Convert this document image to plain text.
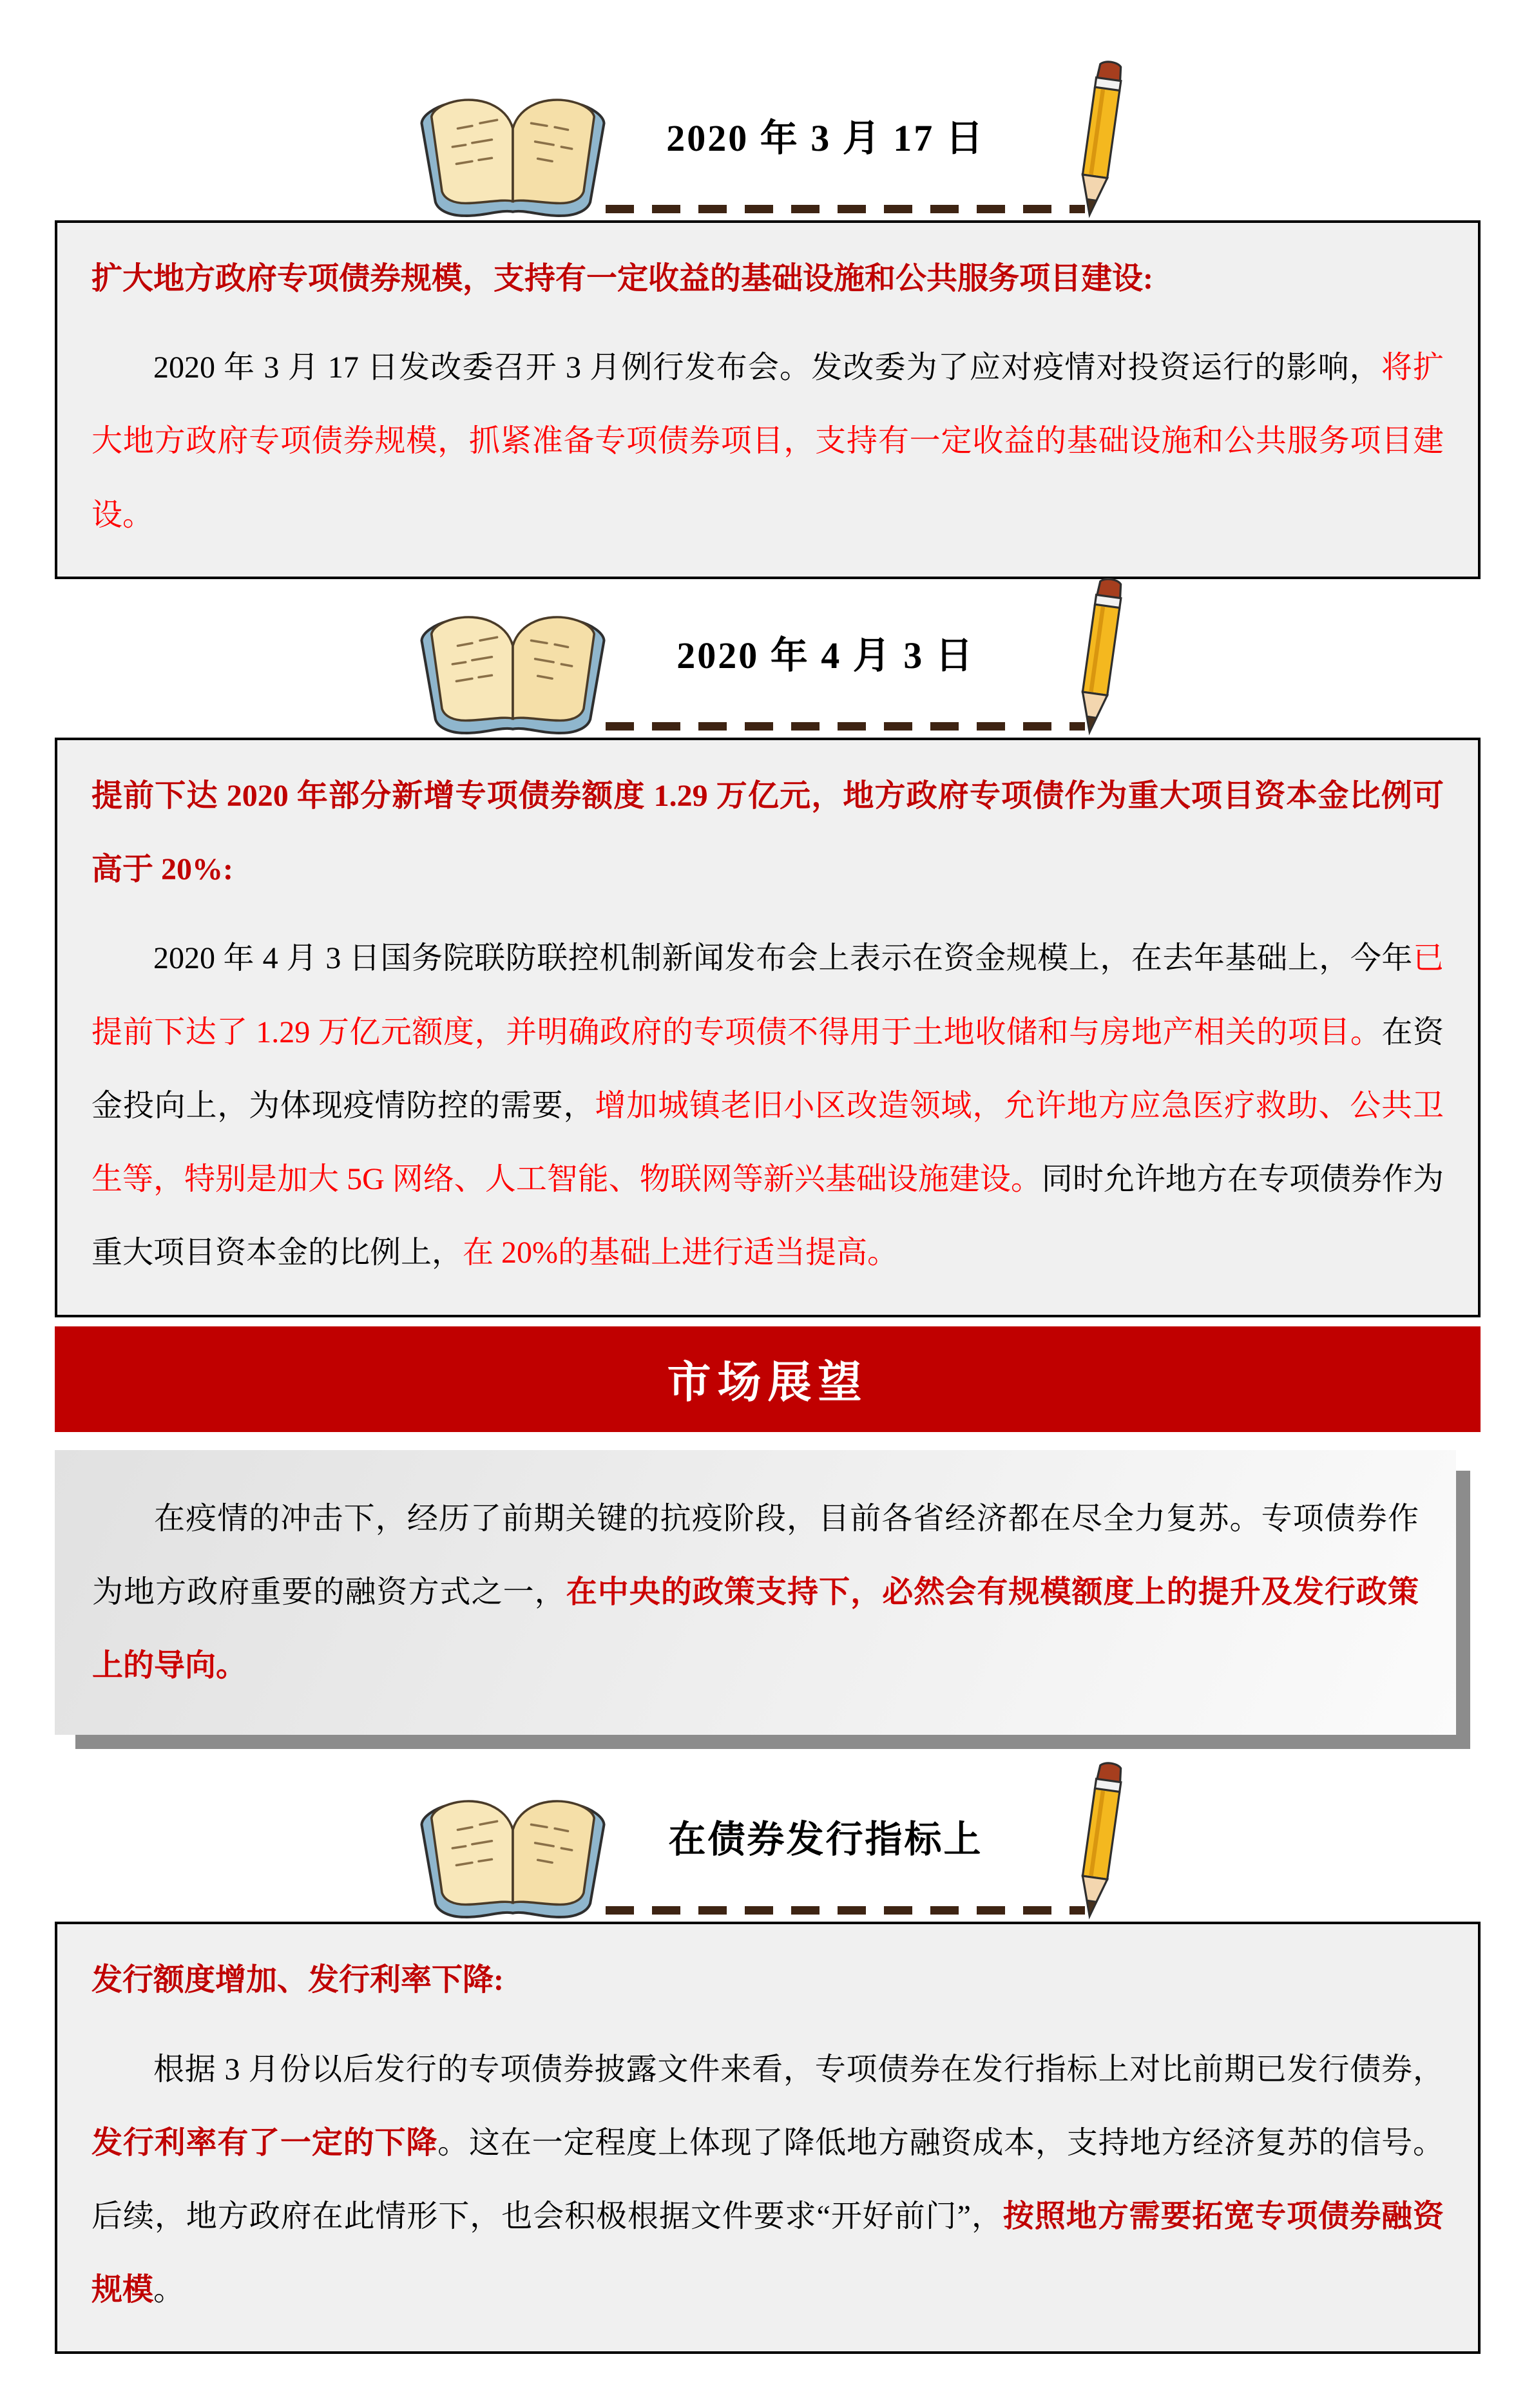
2020 年 3 月 17 日

扩大地方政府专项债券规模，支持有一定收益的基础设施和公共服务项目建设:

2020 年 3 月 17 日发改委召开 3 月例行发布会。发改委为了应对疫情对投资运行的影响，将扩大地方政府专项债券规模，抓紧准备专项债券项目，支持有一定收益的基础设施和公共服务项目建设。

2020 年 4 月 3 日

提前下达 2020 年部分新增专项债券额度 1.29 万亿元，地方政府专项债作为重大项目资本金比例可高于 20%:

2020 年 4 月 3 日国务院联防联控机制新闻发布会上表示在资金规模上，在去年基础上，今年已提前下达了 1.29 万亿元额度，并明确政府的专项债不得用于土地收储和与房地产相关的项目。在资金投向上，为体现疫情防控的需要，增加城镇老旧小区改造领域，允许地方应急医疗救助、公共卫生等，特别是加大 5G 网络、人工智能、物联网等新兴基础设施建设。同时允许地方在专项债券作为重大项目资本金的比例上，在 20%的基础上进行适当提高。

市场展望

在疫情的冲击下，经历了前期关键的抗疫阶段，目前各省经济都在尽全力复苏。专项债券作为地方政府重要的融资方式之一，在中央的政策支持下，必然会有规模额度上的提升及发行政策上的导向。

在债券发行指标上

发行额度增加、发行利率下降:

根据 3 月份以后发行的专项债券披露文件来看，专项债券在发行指标上对比前期已发行债券，发行利率有了一定的下降。这在一定程度上体现了降低地方融资成本，支持地方经济复苏的信号。后续，地方政府在此情形下，也会积极根据文件要求“开好前门”，按照地方需要拓宽专项债券融资规模。
